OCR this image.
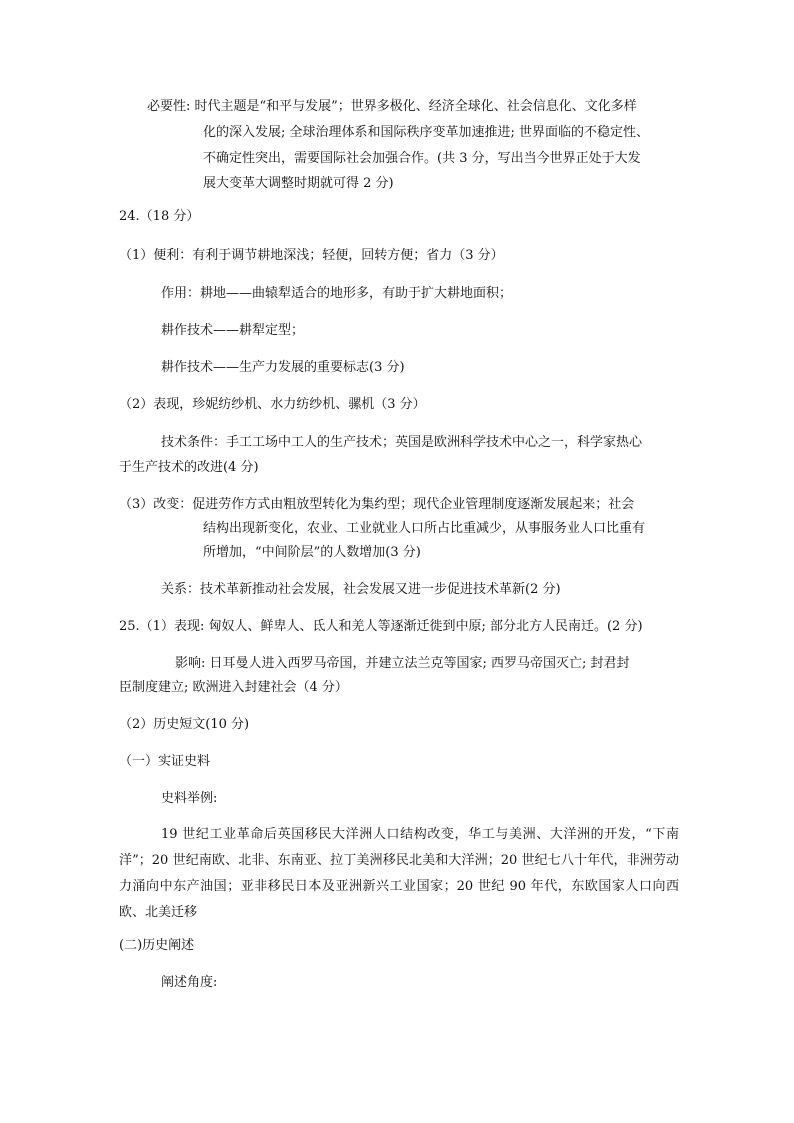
必要性: 时代主题是“和平与发展”；世界多极化、经济全球化、社会信息化、文化多样
化的深入发展; 全球治理体系和国际秩序变革加速推进; 世界面临的不稳定性、
不确定性突出，需要国际社会加强合作。(共 3 分，写出当今世界正处于大发
展大变革大调整时期就可得 2 分)
24.（18 分）
（1）便利：有利于调节耕地深浅；轻便，回转方便；省力（3 分）
作用：耕地——曲辕犁适合的地形多，有助于扩大耕地面积；
耕作技术——耕犁定型；
耕作技术——生产力发展的重要标志(3 分)
（2）表现，珍妮纺纱机、水力纺纱机、骡机（3 分）
技术条件：手工工场中工人的生产技术；英国是欧洲科学技术中心之一，科学家热心
于生产技术的改进(4 分)
（3）改变：促进劳作方式由粗放型转化为集约型；现代企业管理制度逐渐发展起来；社会
结构出现新变化，农业、工业就业人口所占比重减少，从事服务业人口比重有
所增加，“中间阶层”的人数增加(3 分)
关系：技术革新推动社会发展，社会发展又进一步促进技术革新(2 分)
25.（1）表现: 匈奴人、鲜卑人、氐人和羌人等逐渐迁徙到中原; 部分北方人民南迁。(2 分)
影响: 日耳曼人进入西罗马帝国，并建立法兰克等国家; 西罗马帝国灭亡; 封君封
臣制度建立; 欧洲进入封建社会（4 分）
（2）历史短文(10 分)
（一）实证史料
史料举例:

19 世纪工业革命后英国移民大洋洲人口结构改变，华工与美洲、大洋洲的开发，“下南洋”；20 世纪南欧、北非、东南亚、拉丁美洲移民北美和大洋洲；20 世纪七八十年代，非洲劳动力涌向中东产油国；亚非移民日本及亚洲新兴工业国家；20 世纪 90 年代，东欧国家人口向西欧、北美迁移

(二)历史阐述
阐述角度:
